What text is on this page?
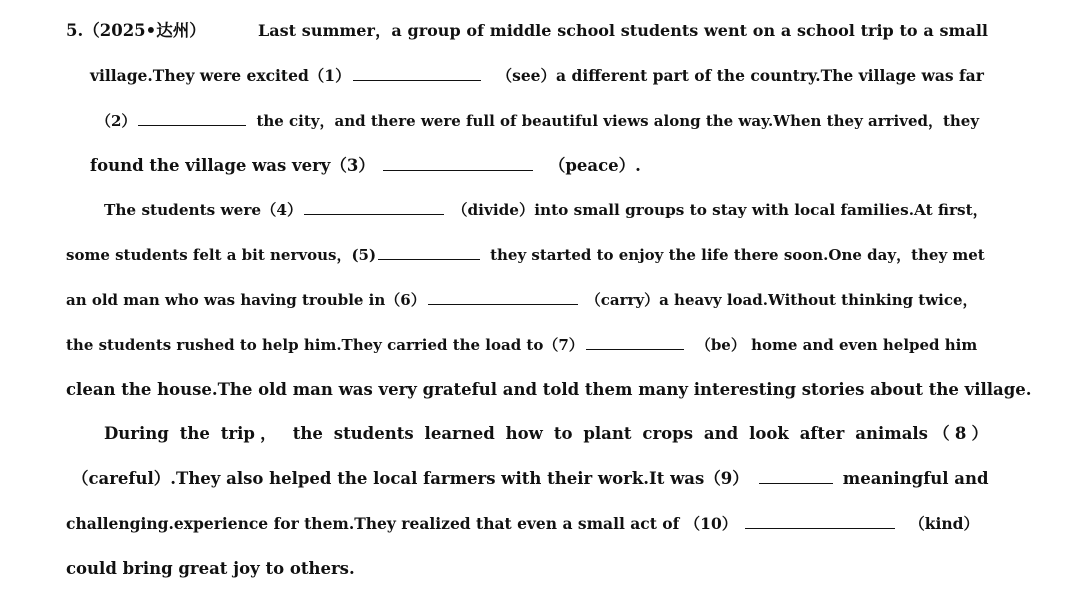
5.（2025•达州）	Last summer，a group of middle school students went on a school trip to a small
village.They were excited（1）	（see）a different part of the country.The village was far
（2）	the city，and there were full of beautiful views along the way.When they arrived，they
found the village was very（3）	（peace）.
The students were（4）	（divide）into small groups to stay with local families.At first，
some students felt a bit nervous，(5)	they started to enjoy the life there soon.One day，they met
an old man who was having trouble in（6）	（carry）a heavy load.Without thinking twice，
the students rushed to help him.They carried the load to（7）	（be） home and even helped him
clean the house.The old man was very grateful and told them many interesting stories about the village.
During the trip， the students learned how to plant crops and look after animals（8）
（careful）.They also helped the local farmers with their work.It was（9）	meaningful and
challenging.experience for them.They realized that even a small act of （10）	（kind）
could bring great joy to others.
